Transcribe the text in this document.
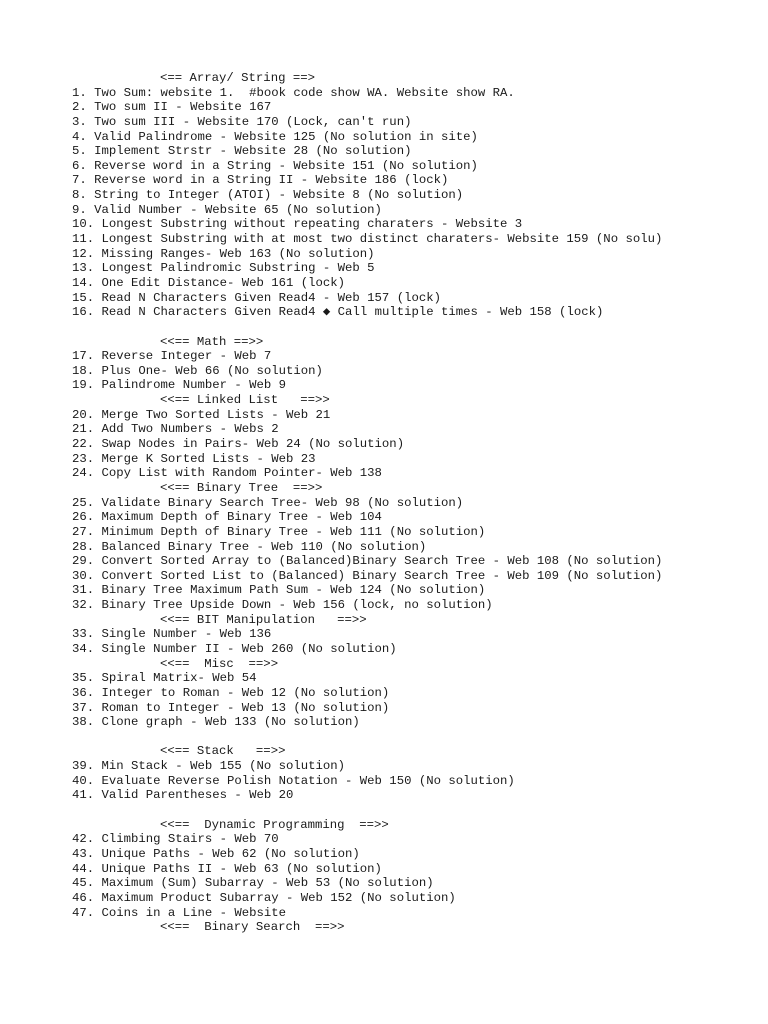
<== Array/ String ==>
1. Two Sum: website 1.  #book code show WA. Website show RA.
2. Two sum II - Website 167
3. Two sum III - Website 170 (Lock, can't run)
4. Valid Palindrome - Website 125 (No solution in site)
5. Implement Strstr - Website 28 (No solution)
6. Reverse word in a String - Website 151 (No solution)
7. Reverse word in a String II - Website 186 (lock)
8. String to Integer (ATOI) - Website 8 (No solution)
9. Valid Number - Website 65 (No solution)
10. Longest Substring without repeating charaters - Website 3
11. Longest Substring with at most two distinct charaters- Website 159 (No solu)
12. Missing Ranges- Web 163 (No solution)
13. Longest Palindromic Substring - Web 5
14. One Edit Distance- Web 161 (lock)
15. Read N Characters Given Read4 - Web 157 (lock)
16. Read N Characters Given Read4 ◆ Call multiple times - Web 158 (lock)
<<== Math ==>>
17. Reverse Integer - Web 7
18. Plus One- Web 66 (No solution)
19. Palindrome Number - Web 9
<<== Linked List   ==>>
20. Merge Two Sorted Lists - Web 21
21. Add Two Numbers - Webs 2
22. Swap Nodes in Pairs- Web 24 (No solution)
23. Merge K Sorted Lists - Web 23
24. Copy List with Random Pointer- Web 138
<<== Binary Tree  ==>>
25. Validate Binary Search Tree- Web 98 (No solution)
26. Maximum Depth of Binary Tree - Web 104
27. Minimum Depth of Binary Tree - Web 111 (No solution)
28. Balanced Binary Tree - Web 110 (No solution)
29. Convert Sorted Array to (Balanced)Binary Search Tree - Web 108 (No solution)
30. Convert Sorted List to (Balanced) Binary Search Tree - Web 109 (No solution)
31. Binary Tree Maximum Path Sum - Web 124 (No solution)
32. Binary Tree Upside Down - Web 156 (lock, no solution)
<<== BIT Manipulation   ==>>
33. Single Number - Web 136
34. Single Number II - Web 260 (No solution)
<<==  Misc  ==>>
35. Spiral Matrix- Web 54
36. Integer to Roman - Web 12 (No solution)
37. Roman to Integer - Web 13 (No solution)
38. Clone graph - Web 133 (No solution)
<<== Stack   ==>>
39. Min Stack - Web 155 (No solution)
40. Evaluate Reverse Polish Notation - Web 150 (No solution)
41. Valid Parentheses - Web 20
<<==  Dynamic Programming  ==>>
42. Climbing Stairs - Web 70
43. Unique Paths - Web 62 (No solution)
44. Unique Paths II - Web 63 (No solution)
45. Maximum (Sum) Subarray - Web 53 (No solution)
46. Maximum Product Subarray - Web 152 (No solution)
47. Coins in a Line - Website
<<==  Binary Search  ==>>
